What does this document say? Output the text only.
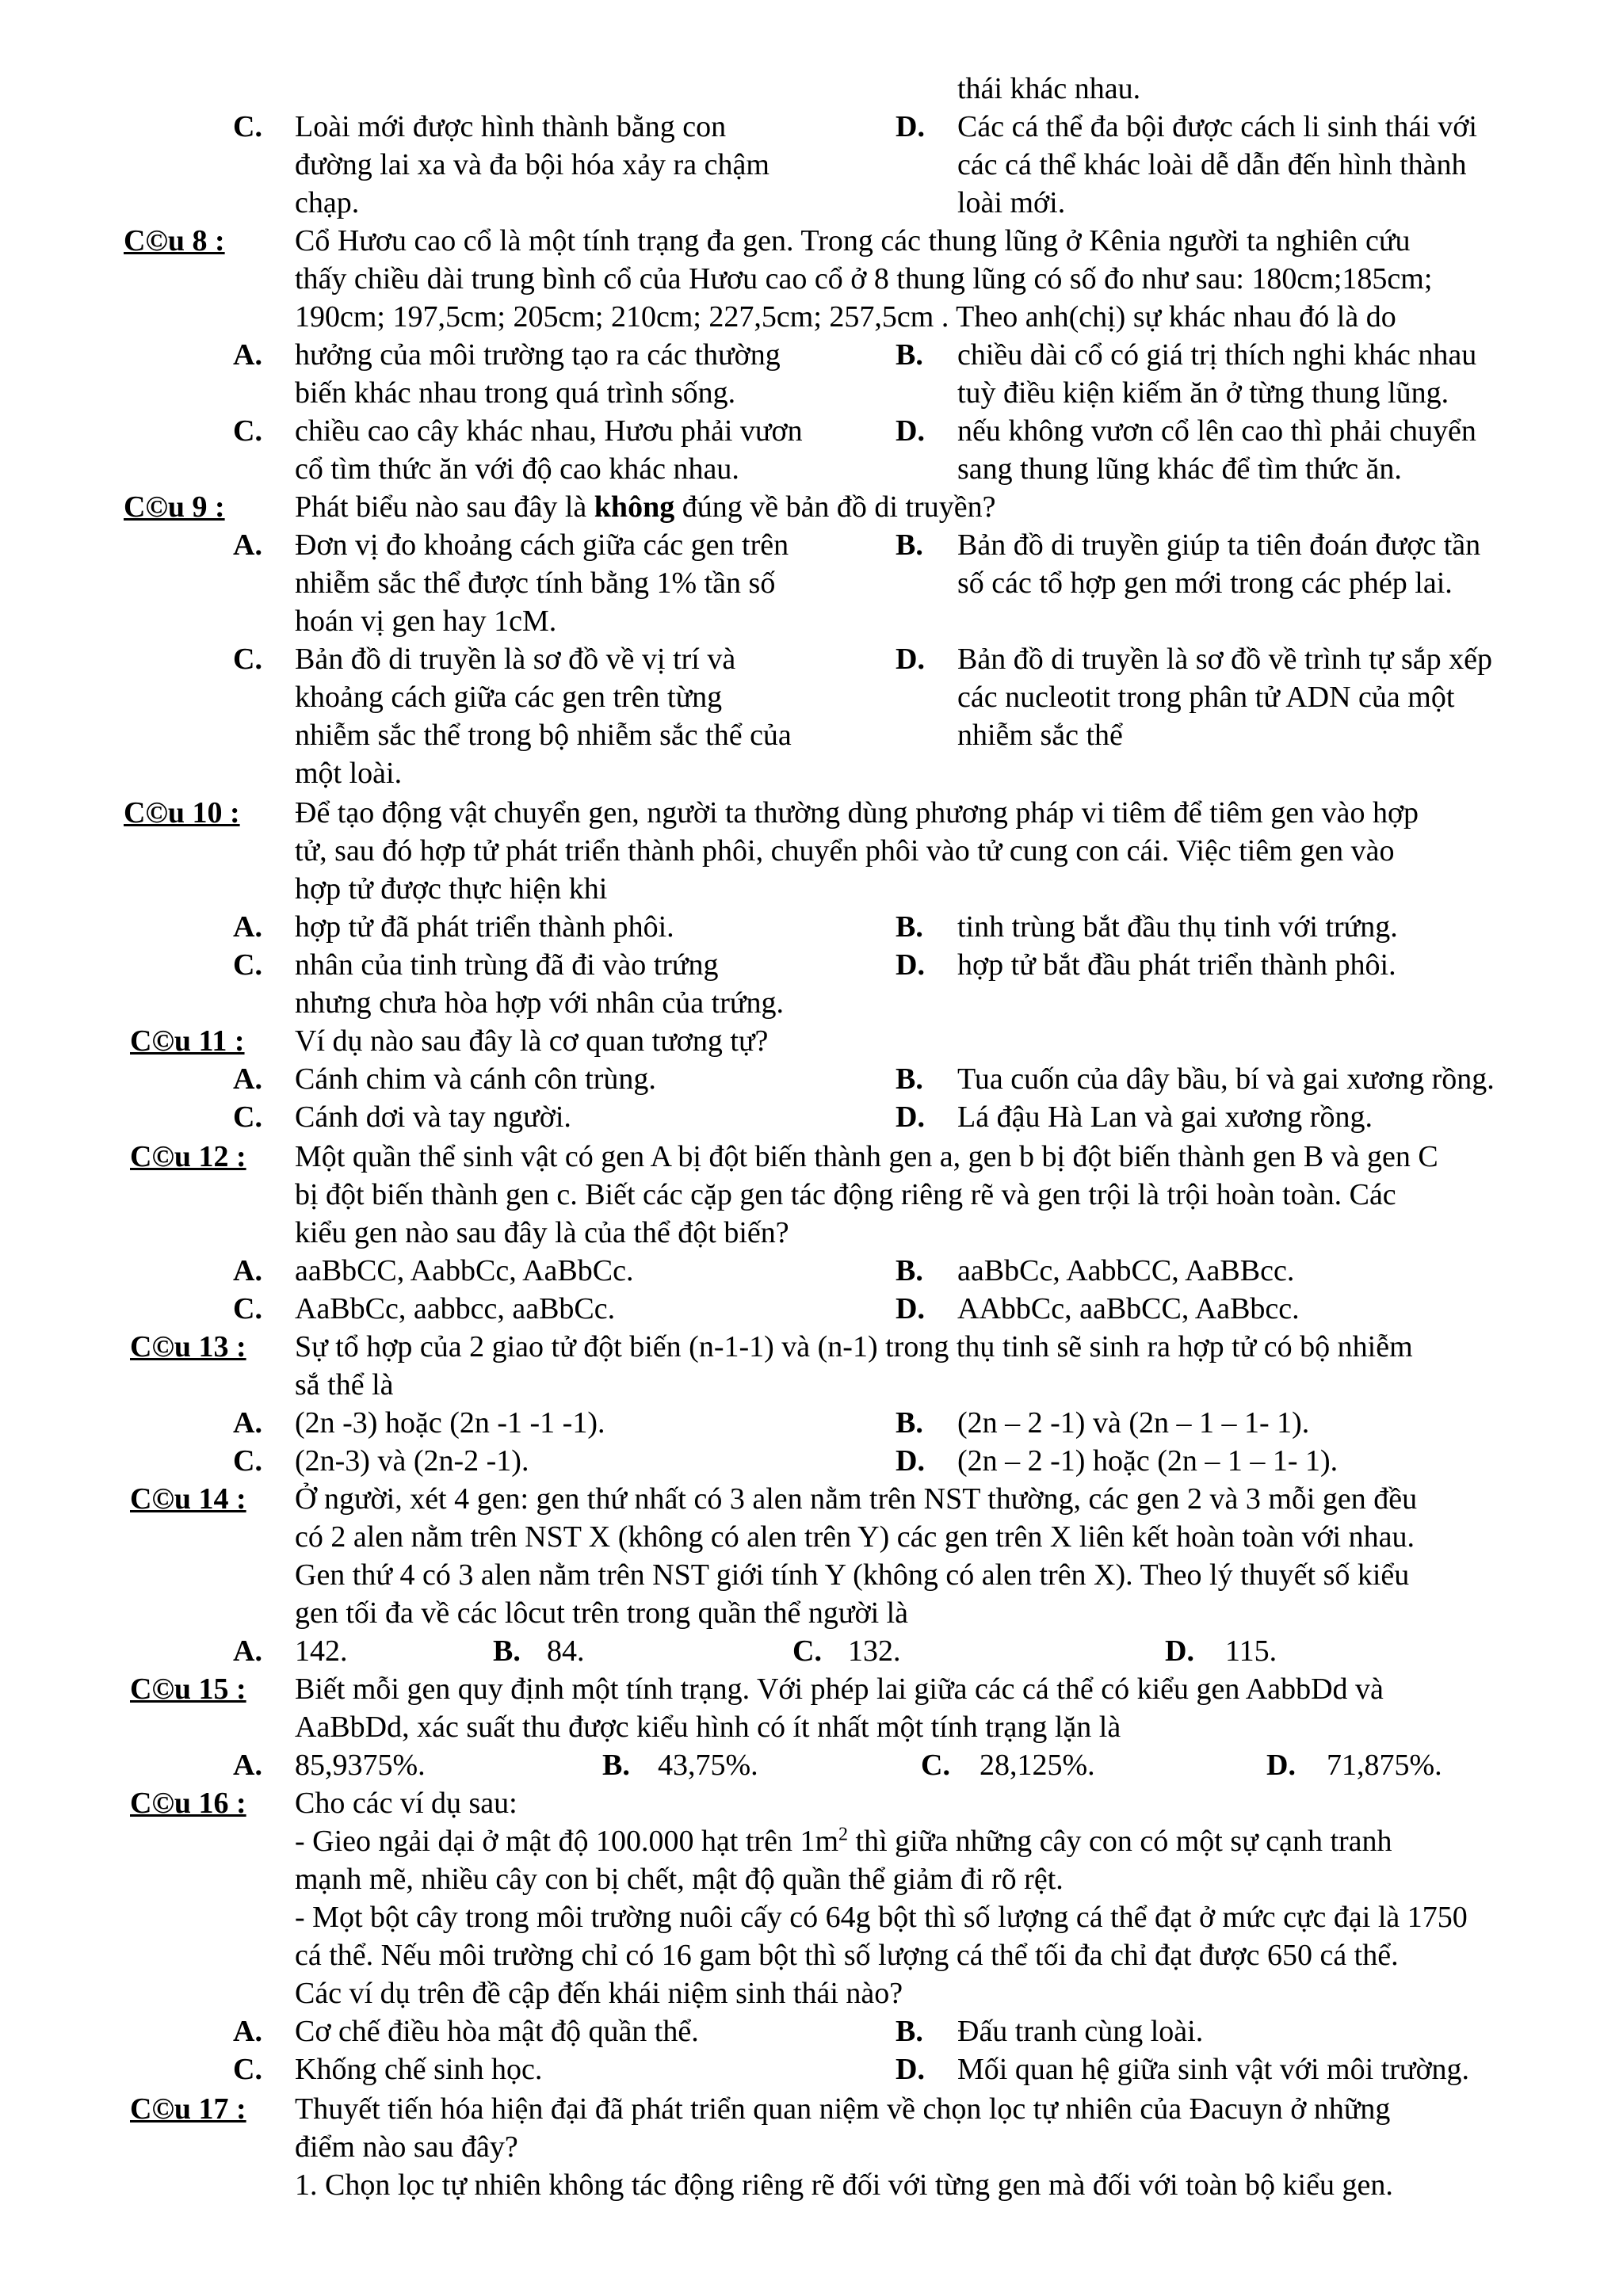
thái khác nhau.
C. Loài mới được hình thành bằng con
đường lai xa và đa bội hóa xảy ra chậm
chạp.
D. Các cá thể đa bội được cách li sinh thái với
các cá thể khác loài dễ dẫn đến hình thành
loài mới.
C©u 8 : Cổ Hươu cao cổ là một tính trạng đa gen. Trong các thung lũng ở Kênia người ta nghiên cứu
thấy chiều dài trung bình cổ của Hươu cao cổ ở 8 thung lũng có số đo như sau: 180cm;185cm;
190cm; 197,5cm; 205cm; 210cm; 227,5cm; 257,5cm . Theo anh(chị) sự khác nhau đó là do
A. hưởng của môi trường tạo ra các thường
biến khác nhau trong quá trình sống.
B. chiều dài cổ có giá trị thích nghi khác nhau
tuỳ điều kiện kiếm ăn ở từng thung lũng.
C. chiều cao cây khác nhau, Hươu phải vươn
cổ tìm thức ăn với độ cao khác nhau.
D. nếu không vươn cổ lên cao thì phải chuyển
sang thung lũng khác để tìm thức ăn.
C©u 9 : Phát biểu nào sau đây là không đúng về bản đồ di truyền?
A. Đơn vị đo khoảng cách giữa các gen trên
nhiễm sắc thể được tính bằng 1% tần số
hoán vị gen hay 1cM.
B. Bản đồ di truyền giúp ta tiên đoán được tần
số các tổ hợp gen mới trong các phép lai.
C. Bản đồ di truyền là sơ đồ về vị trí và
khoảng cách giữa các gen trên từng
nhiễm sắc thể trong bộ nhiễm sắc thể của
một loài.
D. Bản đồ di truyền là sơ đồ về trình tự sắp xếp
các nucleotit trong phân tử ADN của một
nhiễm sắc thể
C©u 10 : Để tạo động vật chuyển gen, người ta thường dùng phương pháp vi tiêm để tiêm gen vào hợp
tử, sau đó hợp tử phát triển thành phôi, chuyển phôi vào tử cung con cái. Việc tiêm gen vào
hợp tử được thực hiện khi
A. hợp tử đã phát triển thành phôi.	B. tinh trùng bắt đầu thụ tinh với trứng.
C. nhân của tinh trùng đã đi vào trứng
nhưng chưa hòa hợp với nhân của trứng.
D. hợp tử bắt đầu phát triển thành phôi.
C©u 11 : Ví dụ nào sau đây là cơ quan tương tự?
A. Cánh chim và cánh côn trùng.	B. Tua cuốn của dây bầu, bí và gai xương rồng.
C. Cánh dơi và tay người.	D. Lá đậu Hà Lan và gai xương rồng.
C©u 12 : Một quần thể sinh vật có gen A bị đột biến thành gen a, gen b bị đột biến thành gen B và gen C
bị đột biến thành gen c. Biết các cặp gen tác động riêng rẽ và gen trội là trội hoàn toàn. Các
kiểu gen nào sau đây là của thể đột biến?
A. aaBbCC, AabbCc, AaBbCc.	B. aaBbCc, AabbCC, AaBBcc.
C. AaBbCc, aabbcc, aaBbCc.	D. AAbbCc, aaBbCC, AaBbcc.
C©u 13 : Sự tổ hợp của 2 giao tử đột biến (n-1-1) và (n-1) trong thụ tinh sẽ sinh ra hợp tử có bộ nhiễm
sắ thể là
A. (2n -3) hoặc (2n -1 -1 -1).	B. (2n – 2 -1) và (2n – 1 – 1- 1).
C. (2n-3) và (2n-2 -1).	D. (2n – 2 -1) hoặc (2n – 1 – 1- 1).
C©u 14 : Ở người, xét 4 gen: gen thứ nhất có 3 alen nằm trên NST thường, các gen 2 và 3 mỗi gen đều
có 2 alen nằm trên NST X (không có alen trên Y) các gen trên X liên kết hoàn toàn với nhau.
Gen thứ 4 có 3 alen nằm trên NST giới tính Y (không có alen trên X). Theo lý thuyết số kiểu
gen tối đa về các lôcut trên trong quần thể người là
A. 142.	B. 84.	C. 132.	D. 115.
C©u 15 : Biết mỗi gen quy định một tính trạng. Với phép lai giữa các cá thể có kiểu gen AabbDd và
AaBbDd, xác suất thu được kiểu hình có ít nhất một tính trạng lặn là
A. 85,9375%.	B. 43,75%.	C. 28,125%.	D. 71,875%.
C©u 16 : Cho các ví dụ sau:
- Gieo ngải dại ở mật độ 100.000 hạt trên $1m^2$ thì giữa những cây con có một sự cạnh tranh
mạnh mẽ, nhiều cây con bị chết, mật độ quần thể giảm đi rõ rệt.
- Mọt bột cây trong môi trường nuôi cấy có 64g bột thì số lượng cá thể đạt ở mức cực đại là 1750
cá thể. Nếu môi trường chỉ có 16 gam bột thì số lượng cá thể tối đa chỉ đạt được 650 cá thể.
Các ví dụ trên đề cập đến khái niệm sinh thái nào?
A. Cơ chế điều hòa mật độ quần thể.	B. Đấu tranh cùng loài.
C. Khống chế sinh học.	D. Mối quan hệ giữa sinh vật với môi trường.
C©u 17 : Thuyết tiến hóa hiện đại đã phát triển quan niệm về chọn lọc tự nhiên của Đacuyn ở những
điểm nào sau đây?
1. Chọn lọc tự nhiên không tác động riêng rẽ đối với từng gen mà đối với toàn bộ kiểu gen.
